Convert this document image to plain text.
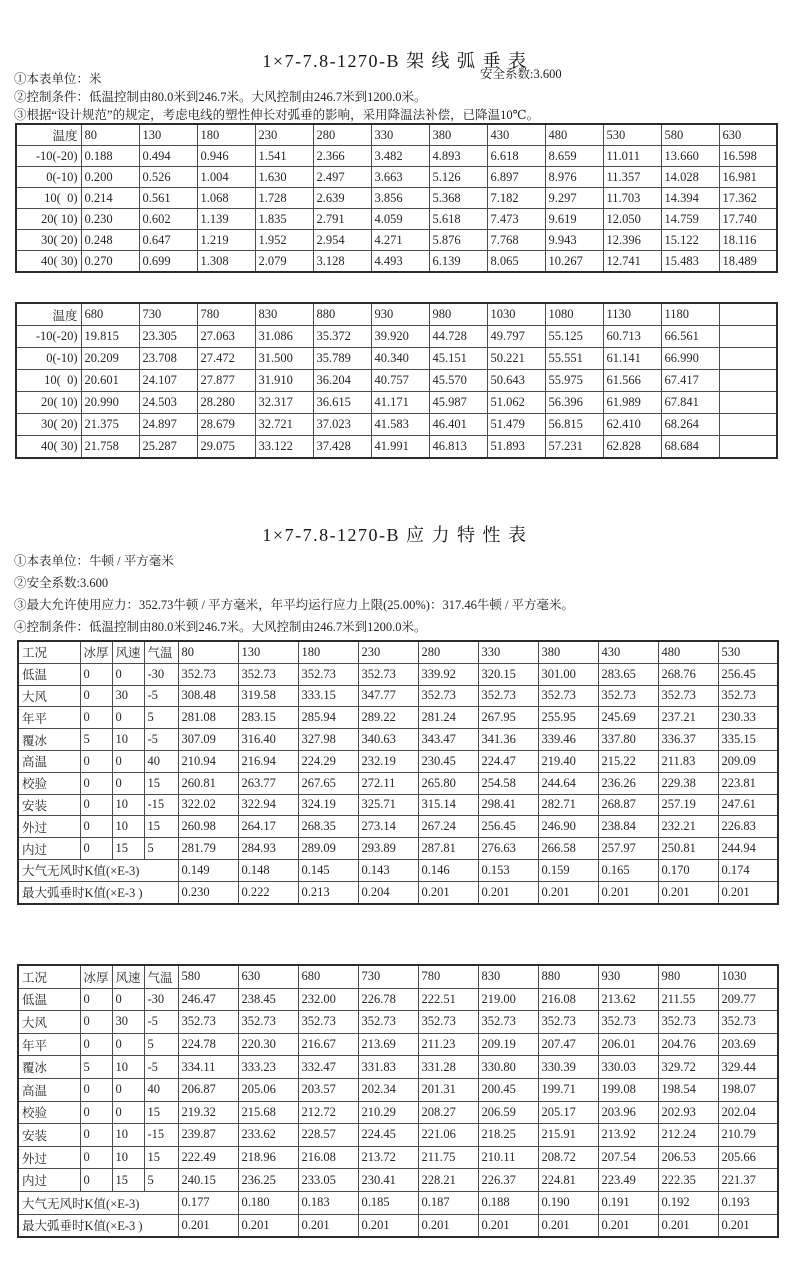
1×7-7.8-1270-B 架 线 弧 垂 表
安全系数:3.600
①本表单位：米
②控制条件：低温控制由80.0米到246.7米。大风控制由246.7米到1200.0米。
③根据“设计规范”的规定，考虑电线的塑性伸长对弧垂的影响，采用降温法补偿，已降温10℃。
温度	80	130	180	230	280	330	380	430	480	530	580	630
-10(-20)	0.188	0.494	0.946	1.541	2.366	3.482	4.893	6.618	8.659	11.011	13.660	16.598
0(-10)	0.200	0.526	1.004	1.630	2.497	3.663	5.126	6.897	8.976	11.357	14.028	16.981
10(  0)	0.214	0.561	1.068	1.728	2.639	3.856	5.368	7.182	9.297	11.703	14.394	17.362
20( 10)	0.230	0.602	1.139	1.835	2.791	4.059	5.618	7.473	9.619	12.050	14.759	17.740
30( 20)	0.248	0.647	1.219	1.952	2.954	4.271	5.876	7.768	9.943	12.396	15.122	18.116
40( 30)	0.270	0.699	1.308	2.079	3.128	4.493	6.139	8.065	10.267	12.741	15.483	18.489
温度	680	730	780	830	880	930	980	1030	1080	1130	1180	
-10(-20)	19.815	23.305	27.063	31.086	35.372	39.920	44.728	49.797	55.125	60.713	66.561	
0(-10)	20.209	23.708	27.472	31.500	35.789	40.340	45.151	50.221	55.551	61.141	66.990	
10(  0)	20.601	24.107	27.877	31.910	36.204	40.757	45.570	50.643	55.975	61.566	67.417	
20( 10)	20.990	24.503	28.280	32.317	36.615	41.171	45.987	51.062	56.396	61.989	67.841	
30( 20)	21.375	24.897	28.679	32.721	37.023	41.583	46.401	51.479	56.815	62.410	68.264	
40( 30)	21.758	25.287	29.075	33.122	37.428	41.991	46.813	51.893	57.231	62.828	68.684	
1×7-7.8-1270-B 应 力 特 性 表
①本表单位：牛顿 / 平方毫米
②安全系数:3.600
③最大允许使用应力：352.73牛顿 / 平方毫米，年平均运行应力上限(25.00%)：317.46牛顿 / 平方毫米。
④控制条件：低温控制由80.0米到246.7米。大风控制由246.7米到1200.0米。
工况	冰厚	风速	气温	80	130	180	230	280	330	380	430	480	530
低温	0	0	-30	352.73	352.73	352.73	352.73	339.92	320.15	301.00	283.65	268.76	256.45
大风	0	30	-5	308.48	319.58	333.15	347.77	352.73	352.73	352.73	352.73	352.73	352.73
年平	0	0	5	281.08	283.15	285.94	289.22	281.24	267.95	255.95	245.69	237.21	230.33
覆冰	5	10	-5	307.09	316.40	327.98	340.63	343.47	341.36	339.46	337.80	336.37	335.15
高温	0	0	40	210.94	216.94	224.29	232.19	230.45	224.47	219.40	215.22	211.83	209.09
校验	0	0	15	260.81	263.77	267.65	272.11	265.80	254.58	244.64	236.26	229.38	223.81
安装	0	10	-15	322.02	322.94	324.19	325.71	315.14	298.41	282.71	268.87	257.19	247.61
外过	0	10	15	260.98	264.17	268.35	273.14	267.24	256.45	246.90	238.84	232.21	226.83
内过	0	15	5	281.79	284.93	289.09	293.89	287.81	276.63	266.58	257.97	250.81	244.94
大气无风时K值(×E-3)				0.149	0.148	0.145	0.143	0.146	0.153	0.159	0.165	0.170	0.174
最大弧垂时K值(×E-3 )				0.230	0.222	0.213	0.204	0.201	0.201	0.201	0.201	0.201	0.201
工况	冰厚	风速	气温	580	630	680	730	780	830	880	930	980	1030
低温	0	0	-30	246.47	238.45	232.00	226.78	222.51	219.00	216.08	213.62	211.55	209.77
大风	0	30	-5	352.73	352.73	352.73	352.73	352.73	352.73	352.73	352.73	352.73	352.73
年平	0	0	5	224.78	220.30	216.67	213.69	211.23	209.19	207.47	206.01	204.76	203.69
覆冰	5	10	-5	334.11	333.23	332.47	331.83	331.28	330.80	330.39	330.03	329.72	329.44
高温	0	0	40	206.87	205.06	203.57	202.34	201.31	200.45	199.71	199.08	198.54	198.07
校验	0	0	15	219.32	215.68	212.72	210.29	208.27	206.59	205.17	203.96	202.93	202.04
安装	0	10	-15	239.87	233.62	228.57	224.45	221.06	218.25	215.91	213.92	212.24	210.79
外过	0	10	15	222.49	218.96	216.08	213.72	211.75	210.11	208.72	207.54	206.53	205.66
内过	0	15	5	240.15	236.25	233.05	230.41	228.21	226.37	224.81	223.49	222.35	221.37
大气无风时K值(×E-3)				0.177	0.180	0.183	0.185	0.187	0.188	0.190	0.191	0.192	0.193
最大弧垂时K值(×E-3 )				0.201	0.201	0.201	0.201	0.201	0.201	0.201	0.201	0.201	0.201
